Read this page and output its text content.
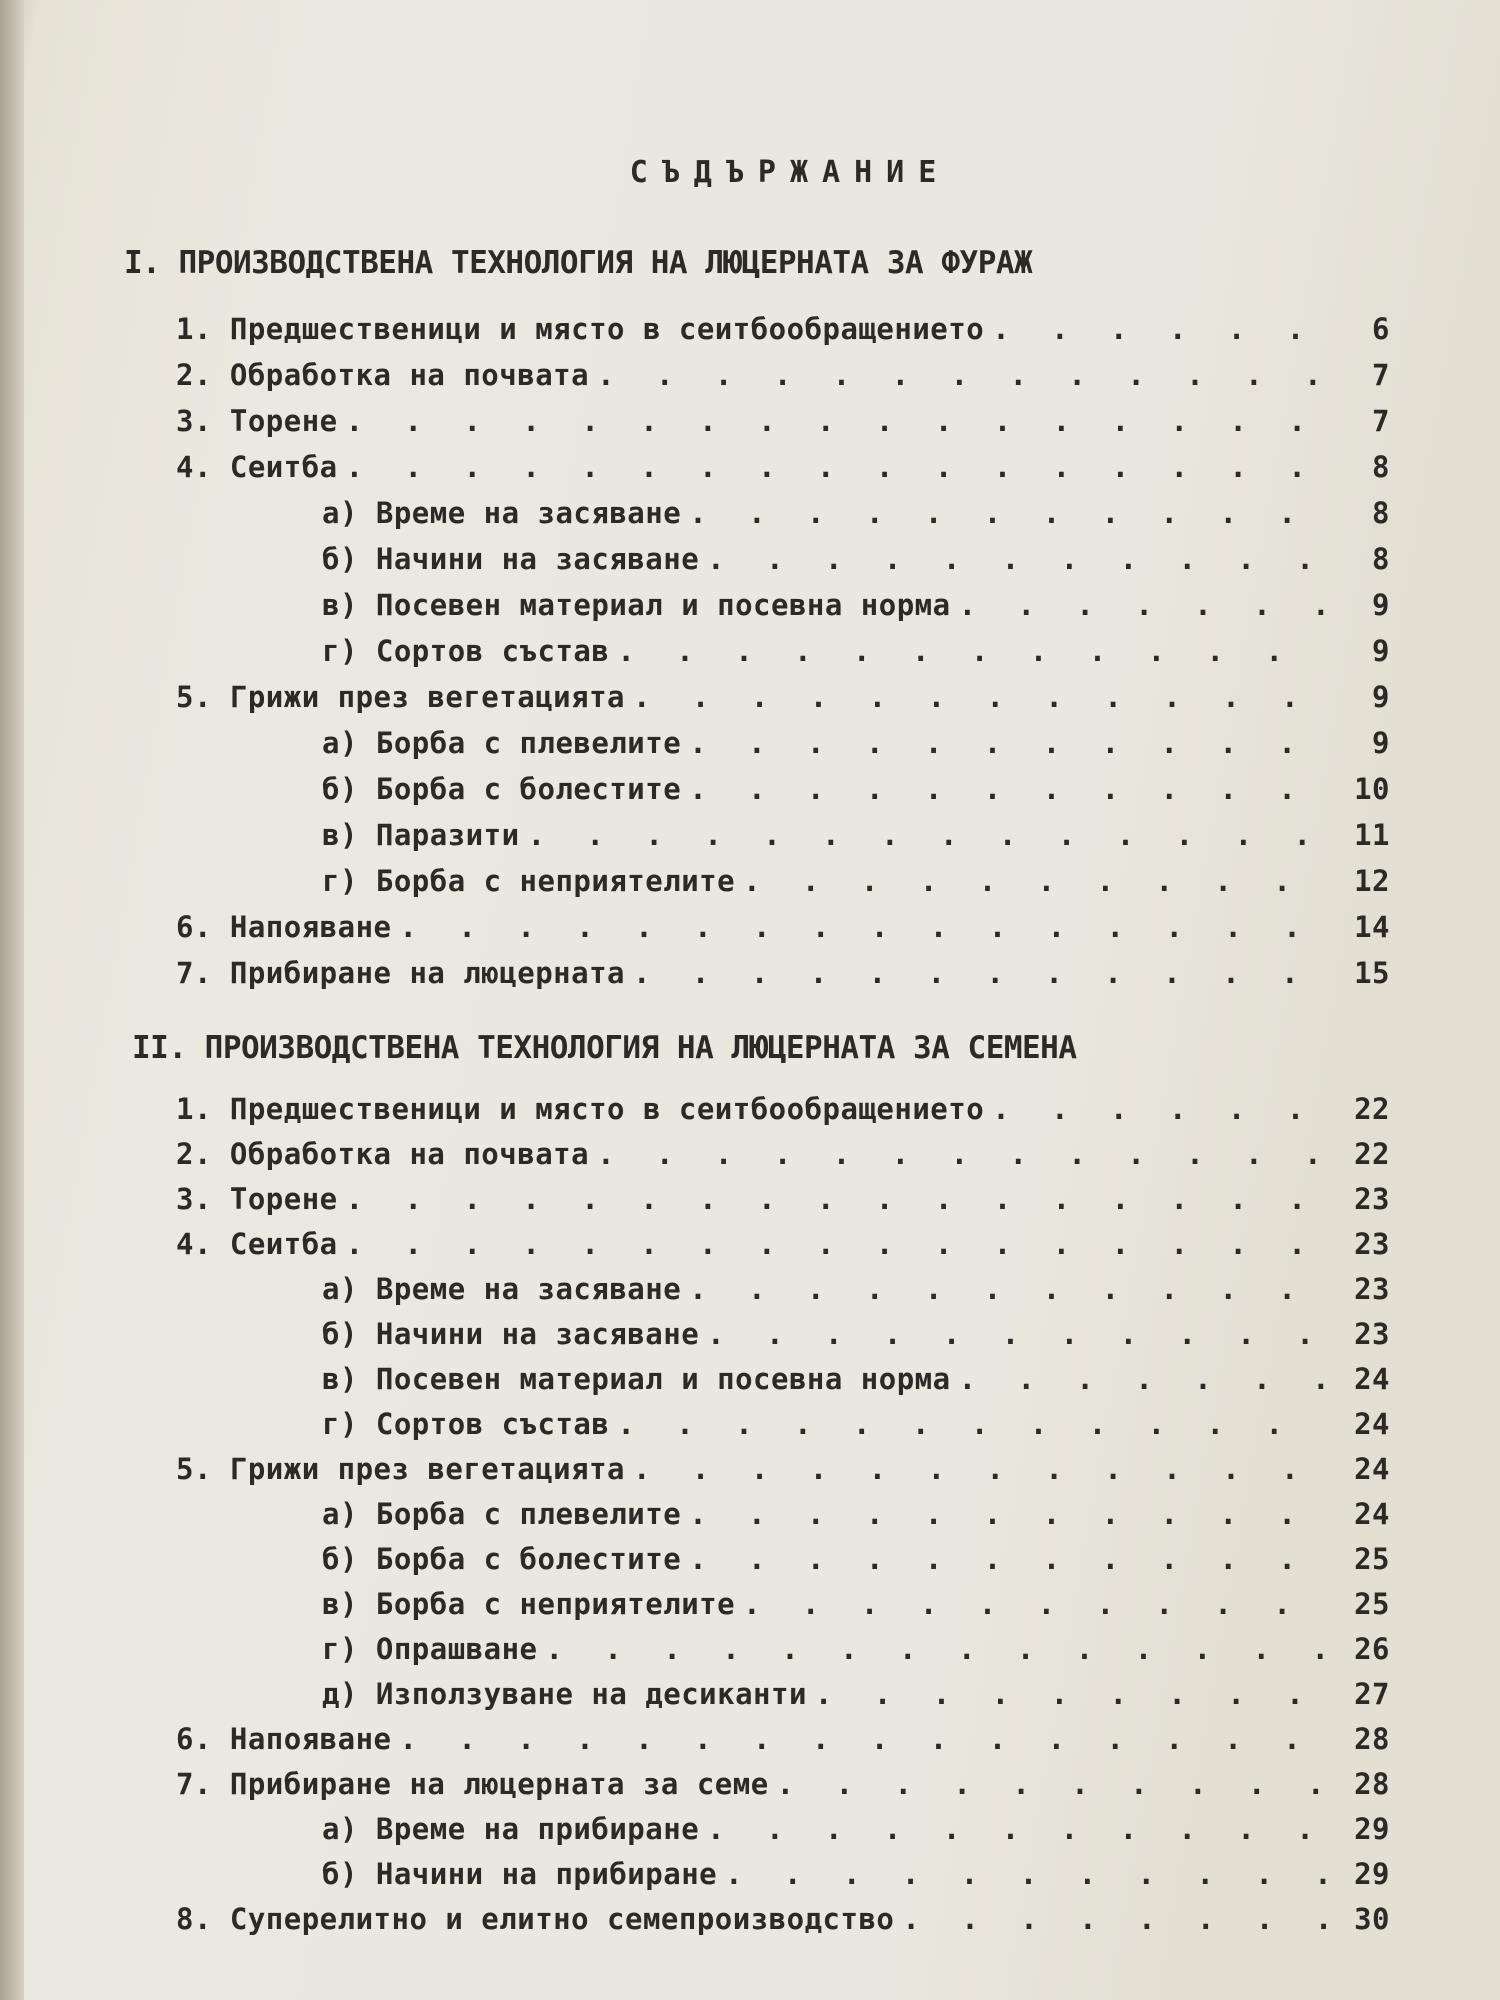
СЪДЪРЖАНИЕ
I. ПРОИЗВОДСТВЕНА ТЕХНОЛОГИЯ НА ЛЮЦЕРНАТА ЗА ФУРАЖ
1. Предшественици и място в сеитбообращението . . .	6
2. Обработка на почвата . . .	7
3. Торене . . .	7
4. Сеитба . . .	8
а) Време на засяване . . .	8
б) Начини на засяване . . .	8
в) Посевен материал и посевна норма . . .	9
г) Сортов състав . . .	9
5. Грижи през вегетацията . . .	9
а) Борба с плевелите . . .	9
б) Борба с болестите . . .	10
в) Паразити . . .	11
г) Борба с неприятелите . . .	12
6. Напояване . . .	14
7. Прибиране на люцерната . . .	15
II. ПРОИЗВОДСТВЕНА ТЕХНОЛОГИЯ НА ЛЮЦЕРНАТА ЗА СЕМЕНА
1. Предшественици и място в сеитбообращението . . .	22
2. Обработка на почвата . . .	22
3. Торене . . .	23
4. Сеитба . . .	23
а) Време на засяване . . .	23
б) Начини на засяване . . .	23
в) Посевен материал и посевна норма . . .	24
г) Сортов състав . . .	24
5. Грижи през вегетацията . . .	24
а) Борба с плевелите . . .	24
б) Борба с болестите . . .	25
в) Борба с неприятелите . . .	25
г) Опрашване . . .	26
д) Използуване на десиканти . . .	27
6. Напояване . . .	28
7. Прибиране на люцерната за семе . . .	28
а) Време на прибиране . . .	29
б) Начини на прибиране . . .	29
8. Суперелитно и елитно семепроизводство . . .	30
